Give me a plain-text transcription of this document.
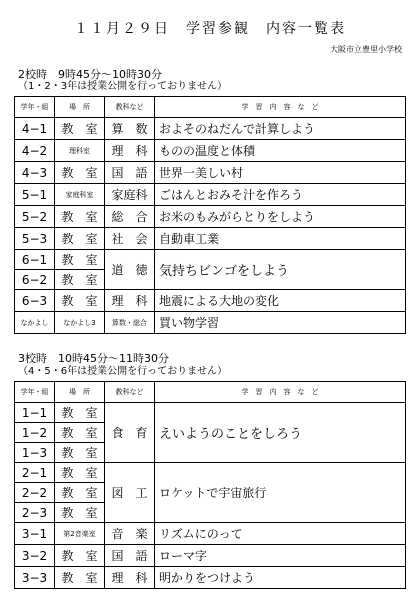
１１月２９日　学習参観　内容一覧表
大阪市立豊里小学校
2校時　9時45分～10時30分
（1・2・3年は授業公開を行っておりません）
学年・組	場　所	教科など	学　習　内　容　な　ど
4−1	教　室	算　数	およそのねだんで計算しよう
4−2	理科室	理　科	ものの温度と体積
4−3	教　室	国　語	世界一美しい村
5−1	家庭科室	家庭科	ごはんとおみそ汁を作ろう
5−2	教　室	総　合	お米のもみがらとりをしよう
5−3	教　室	社　会	自動車工業
6−1	教　室	道　徳	気持ちビンゴをしよう
6−2	教　室		
6−3	教　室	理　科	地震による大地の変化
なかよし	なかよし3	算数・総合	買い物学習
3校時　10時45分～11時30分
（4・5・6年は授業公開を行っておりません）
学年・組	場　所	教科など	学　習　内　容　な　ど
1−1	教　室	食　育	えいようのことをしろう
1−2	教　室		
1−3	教　室		
2−1	教　室	図　工	ロケットで宇宙旅行
2−2	教　室		
2−3	教　室		
3−1	第2音楽室	音　楽	リズムにのって
3−2	教　室	国　語	ローマ字
3−3	教　室	理　科	明かりをつけよう
